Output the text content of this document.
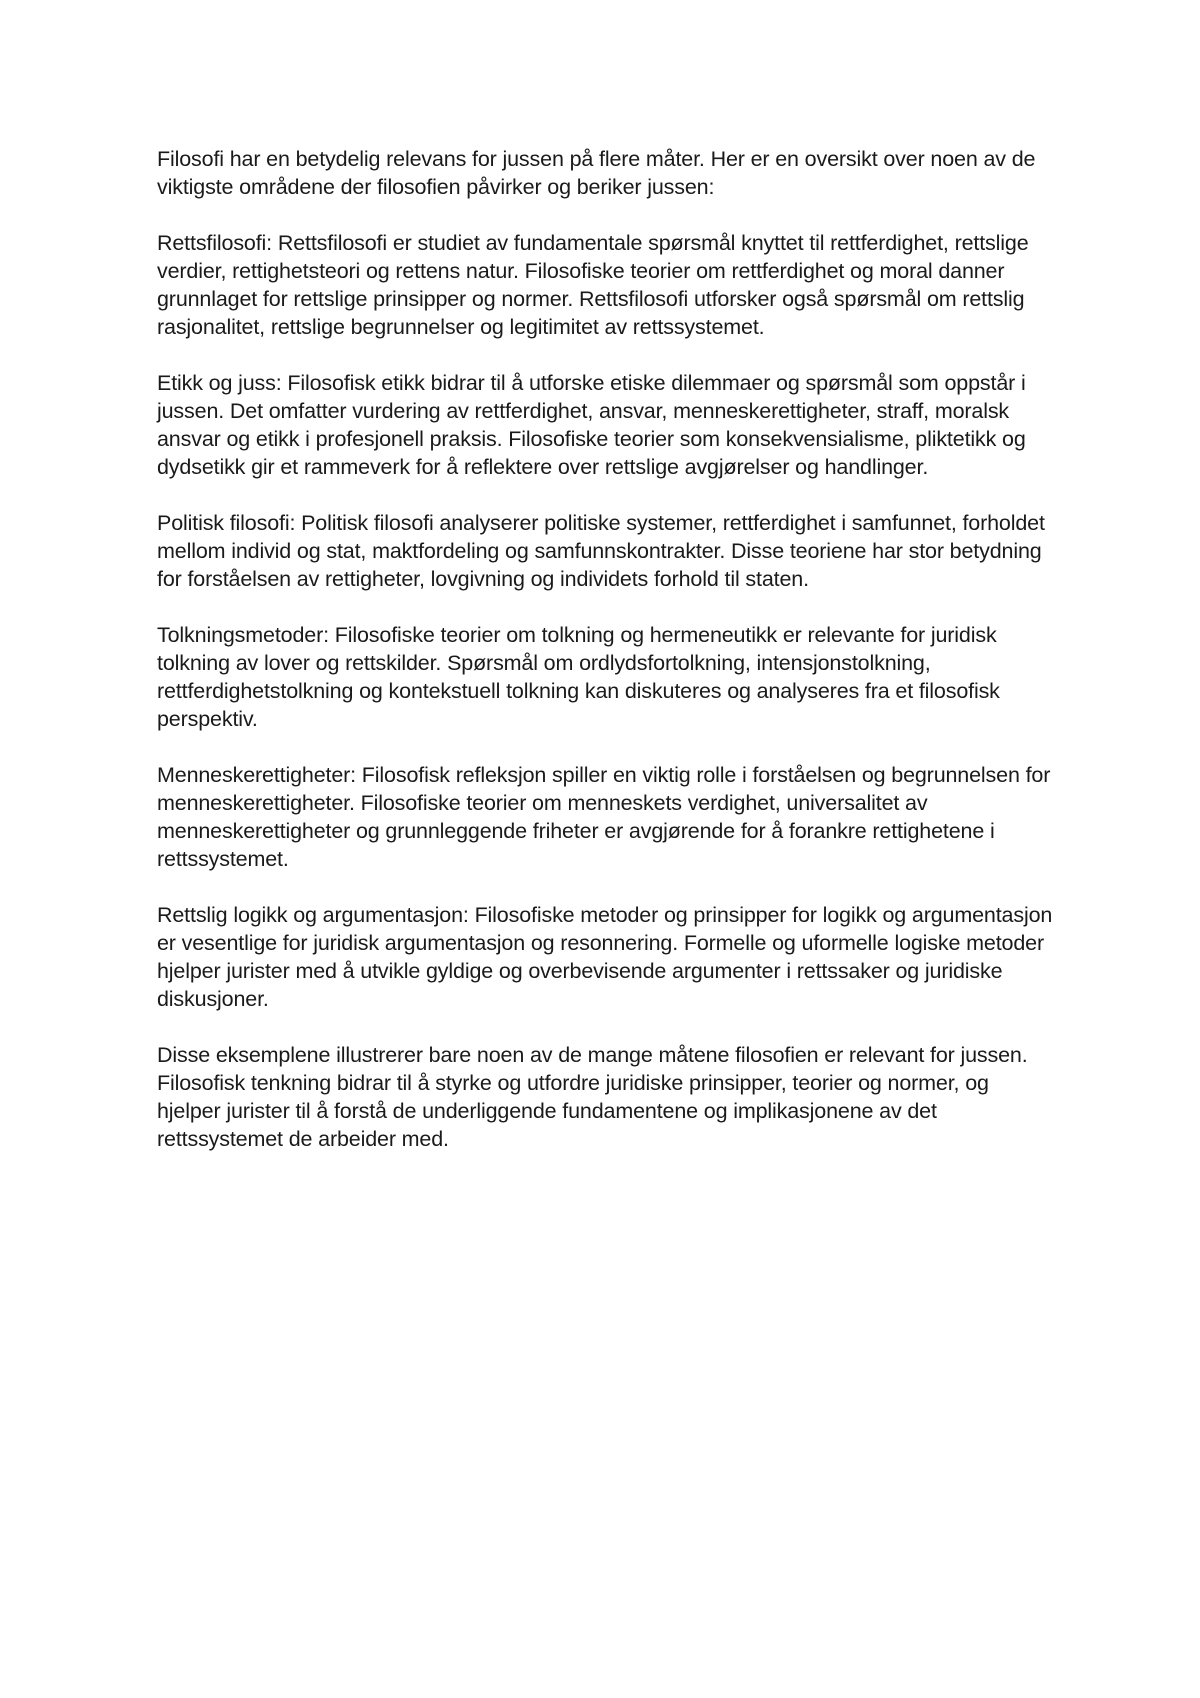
Filosofi har en betydelig relevans for jussen på flere måter. Her er en oversikt over noen av de viktigste områdene der filosofien påvirker og beriker jussen:

Rettsfilosofi: Rettsfilosofi er studiet av fundamentale spørsmål knyttet til rettferdighet, rettslige verdier, rettighetsteori og rettens natur. Filosofiske teorier om rettferdighet og moral danner grunnlaget for rettslige prinsipper og normer. Rettsfilosofi utforsker også spørsmål om rettslig rasjonalitet, rettslige begrunnelser og legitimitet av rettssystemet.

Etikk og juss: Filosofisk etikk bidrar til å utforske etiske dilemmaer og spørsmål som oppstår i jussen. Det omfatter vurdering av rettferdighet, ansvar, menneskerettigheter, straff, moralsk ansvar og etikk i profesjonell praksis. Filosofiske teorier som konsekvensialisme, pliktetikk og dydsetikk gir et rammeverk for å reflektere over rettslige avgjørelser og handlinger.

Politisk filosofi: Politisk filosofi analyserer politiske systemer, rettferdighet i samfunnet, forholdet mellom individ og stat, maktfordeling og samfunnskontrakter. Disse teoriene har stor betydning for forståelsen av rettigheter, lovgivning og individets forhold til staten.

Tolkningsmetoder: Filosofiske teorier om tolkning og hermeneutikk er relevante for juridisk tolkning av lover og rettskilder. Spørsmål om ordlydsfortolkning, intensjonstolkning, rettferdighetstolkning og kontekstuell tolkning kan diskuteres og analyseres fra et filosofisk perspektiv.

Menneskerettigheter: Filosofisk refleksjon spiller en viktig rolle i forståelsen og begrunnelsen for menneskerettigheter. Filosofiske teorier om menneskets verdighet, universalitet av menneskerettigheter og grunnleggende friheter er avgjørende for å forankre rettighetene i rettssystemet.

Rettslig logikk og argumentasjon: Filosofiske metoder og prinsipper for logikk og argumentasjon er vesentlige for juridisk argumentasjon og resonnering. Formelle og uformelle logiske metoder hjelper jurister med å utvikle gyldige og overbevisende argumenter i rettssaker og juridiske diskusjoner.

Disse eksemplene illustrerer bare noen av de mange måtene filosofien er relevant for jussen. Filosofisk tenkning bidrar til å styrke og utfordre juridiske prinsipper, teorier og normer, og hjelper jurister til å forstå de underliggende fundamentene og implikasjonene av det rettssystemet de arbeider med.
